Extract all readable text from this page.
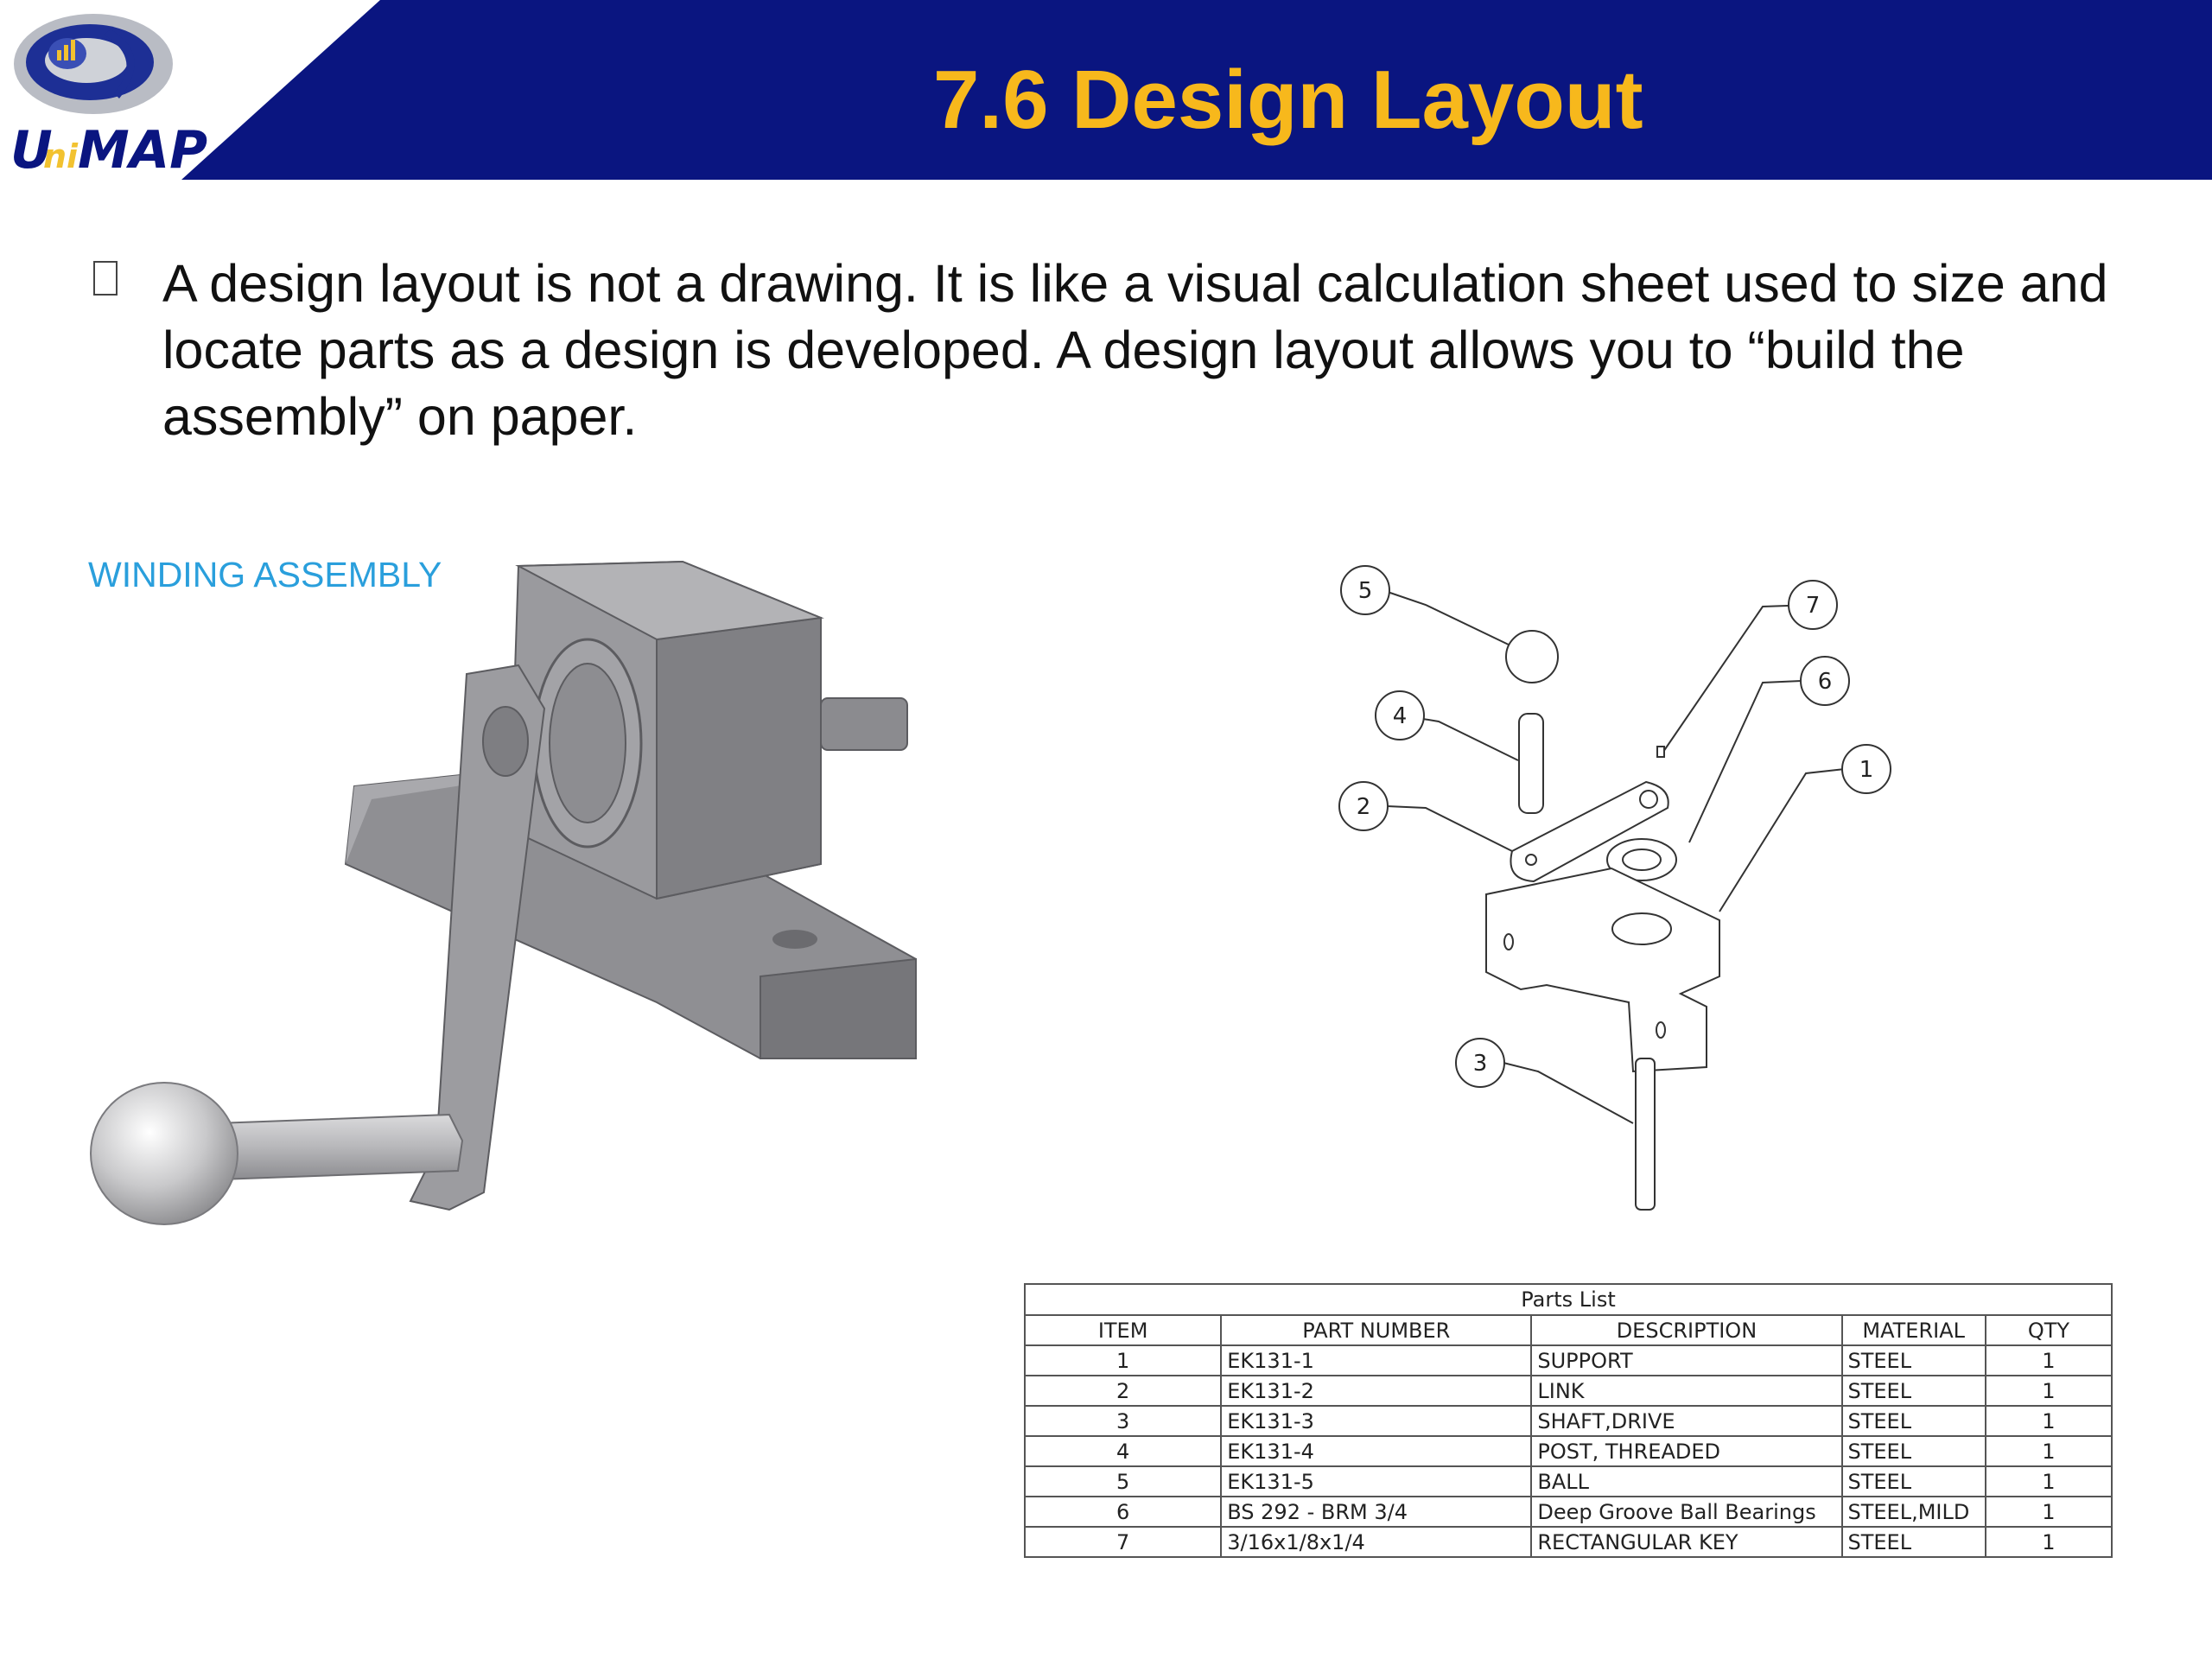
U
ni MAP
7.6 Design Layout
A design layout is not a drawing. It is like a visual calculation sheet used to size and locate parts as a design is developed. A design layout allows you to “build the assembly” on paper.
WINDING ASSEMBLY	5
7
6
4
1
2
3
Parts List				
ITEM	PART NUMBER	DESCRIPTION	MATERIAL	QTY
1	EK131-1	SUPPORT	STEEL	1
2	EK131-2	LINK	STEEL	1
3	EK131-3	SHAFT,DRIVE	STEEL	1
4	EK131-4	POST, THREADED	STEEL	1
5	EK131-5	BALL	STEEL	1
6	BS 292 - BRM 3/4	Deep Groove Ball Bearings	STEEL,MILD	1
7	3/16x1/8x1/4	RECTANGULAR KEY	STEEL	1
